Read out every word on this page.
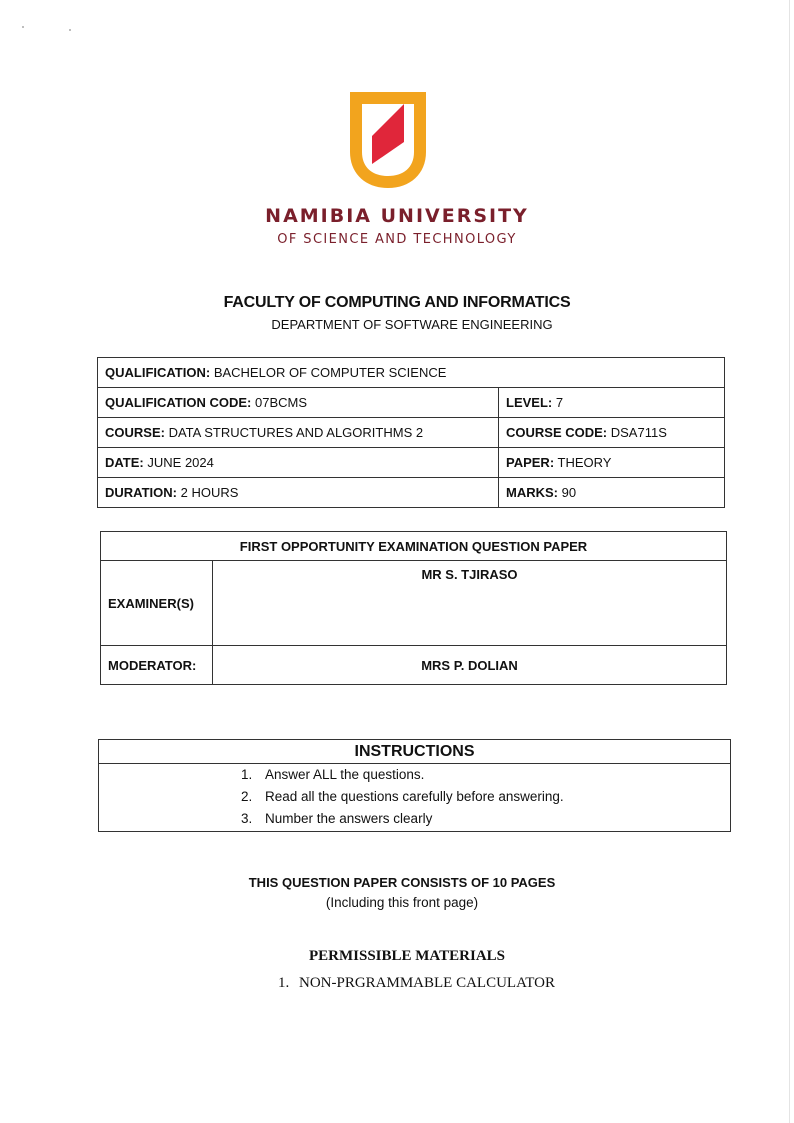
NAMIBIA UNIVERSITY
OF SCIENCE AND TECHNOLOGY
FACULTY OF COMPUTING AND INFORMATICS
DEPARTMENT OF SOFTWARE ENGINEERING
QUALIFICATION: BACHELOR OF COMPUTER SCIENCE	
QUALIFICATION CODE: 07BCMS	LEVEL: 7
COURSE: DATA STRUCTURES AND ALGORITHMS 2	COURSE CODE: DSA711S
DATE: JUNE 2024	PAPER: THEORY
DURATION: 2 HOURS	MARKS: 90
FIRST OPPORTUNITY EXAMINATION QUESTION PAPER	
EXAMINER(S)	MR S. TJIRASO
MODERATOR:	MRS P. DOLIAN
INSTRUCTIONS
1. Answer ALL the questions.
2. Read all the questions carefully before answering.
3. Number the answers clearly
THIS QUESTION PAPER CONSISTS OF 10 PAGES
(Including this front page)
PERMISSIBLE MATERIALS
1. NON-PRGRAMMABLE CALCULATOR
